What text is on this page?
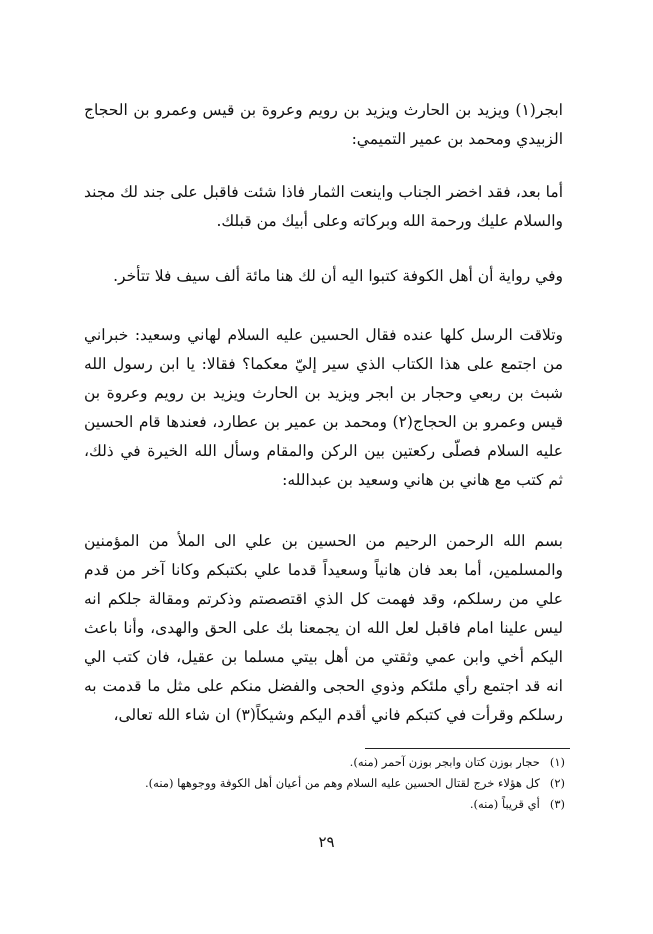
ابجر(١) ويزيد بن الحارث ويزيد بن رويم وعروة بن قيس وعمرو بن الحجاج الزبيدي ومحمد بن عمير التميمي:

أما بعد، فقد اخضر الجناب واينعت الثمار فاذا شئت فاقبل على جند لك مجند والسلام عليك ورحمة الله وبركاته وعلى أبيك من قبلك.

وفي رواية أن أهل الكوفة كتبوا اليه أن لك هنا مائة ألف سيف فلا تتأخر.

وتلاقت الرسل كلها عنده فقال الحسين عليه السلام لهاني وسعيد: خبراني من اجتمع على هذا الكتاب الذي سير إليّ معكما؟ فقالا: يا ابن رسول الله شبث بن ربعي وحجار بن ابجر ويزيد بن الحارث ويزيد بن رويم وعروة بن قيس وعمرو بن الحجاج(٢) ومحمد بن عمير بن عطارد، فعندها قام الحسين عليه السلام فصلّى ركعتين بين الركن والمقام وسأل الله الخيرة في ذلك، ثم كتب مع هاني بن هاني وسعيد بن عبدالله:

بسم الله الرحمن الرحيم من الحسين بن علي الى الملأ من المؤمنين والمسلمين، أما بعد فان هانياً وسعيداً قدما علي بكتبكم وكانا آخر من قدم علي من رسلكم، وقد فهمت كل الذي اقتصصتم وذكرتم ومقالة جلكم انه ليس علينا امام فاقبل لعل الله ان يجمعنا بك على الحق والهدى، وأنا باعث اليكم أخي وابن عمي وثقتي من أهل بيتي مسلما بن عقيل، فان كتب الي انه قد اجتمع رأي ملئكم وذوي الحجى والفضل منكم على مثل ما قدمت به رسلكم وقرأت في كتبكم فاني أقدم اليكم وشيكاً(٣) ان شاء الله تعالى،

(١)حجار بوزن كتان وابجر بوزن آحمر (منه).

(٢)كل هؤلاء خرج لقتال الحسين عليه السلام وهم من أعيان أهل الكوفة ووجوهها (منه).

(٣)أي قريباً (منه).

٢٩
